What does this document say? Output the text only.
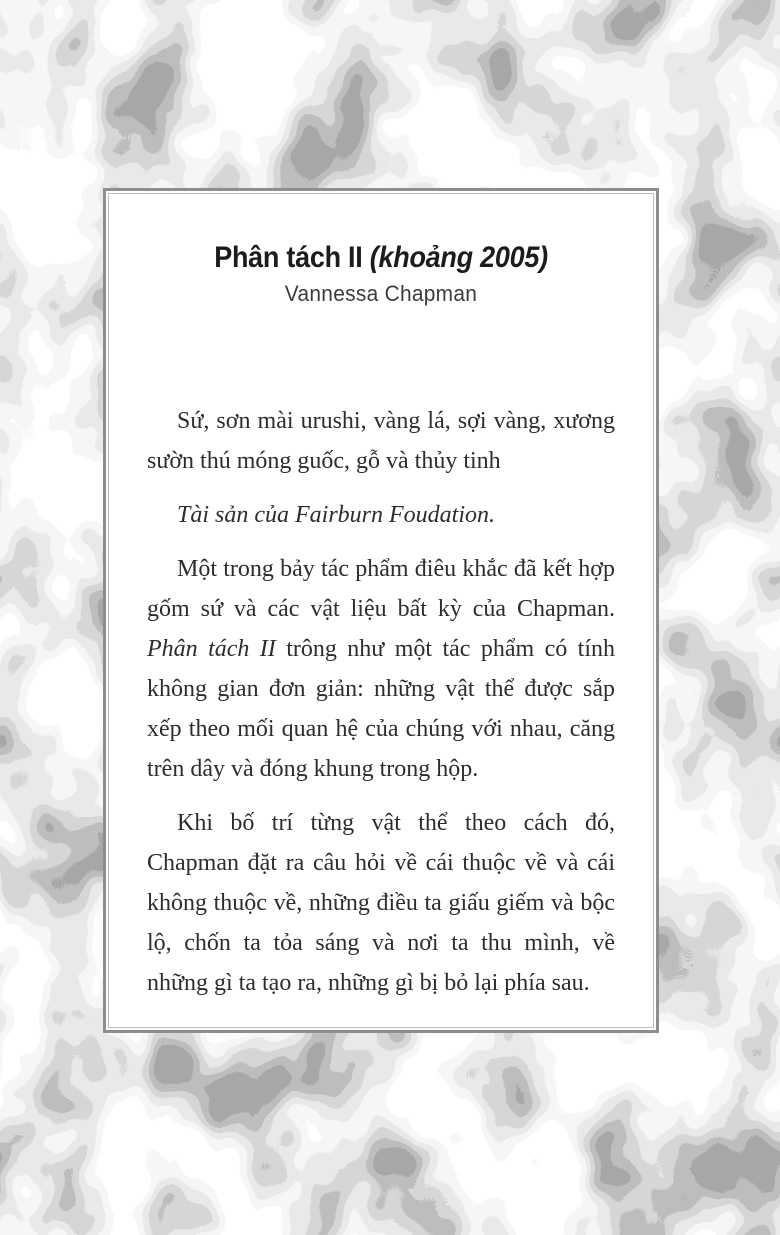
Phân tách II (khoảng 2005)
Vannessa Chapman

Sứ, sơn mài urushi, vàng lá, sợi vàng, xương sườn thú móng guốc, gỗ và thủy tinh

Tài sản của Fairburn Foudation.

Một trong bảy tác phẩm điêu khắc đã kết hợp gốm sứ và các vật liệu bất kỳ của Chapman. Phân tách II trông như một tác phẩm có tính không gian đơn giản: những vật thể được sắp xếp theo mối quan hệ của chúng với nhau, căng trên dây và đóng khung trong hộp.

Khi bố trí từng vật thể theo cách đó, Chapman đặt ra câu hỏi về cái thuộc về và cái không thuộc về, những điều ta giấu giếm và bộc lộ, chốn ta tỏa sáng và nơi ta thu mình, về những gì ta tạo ra, những gì bị bỏ lại phía sau.
